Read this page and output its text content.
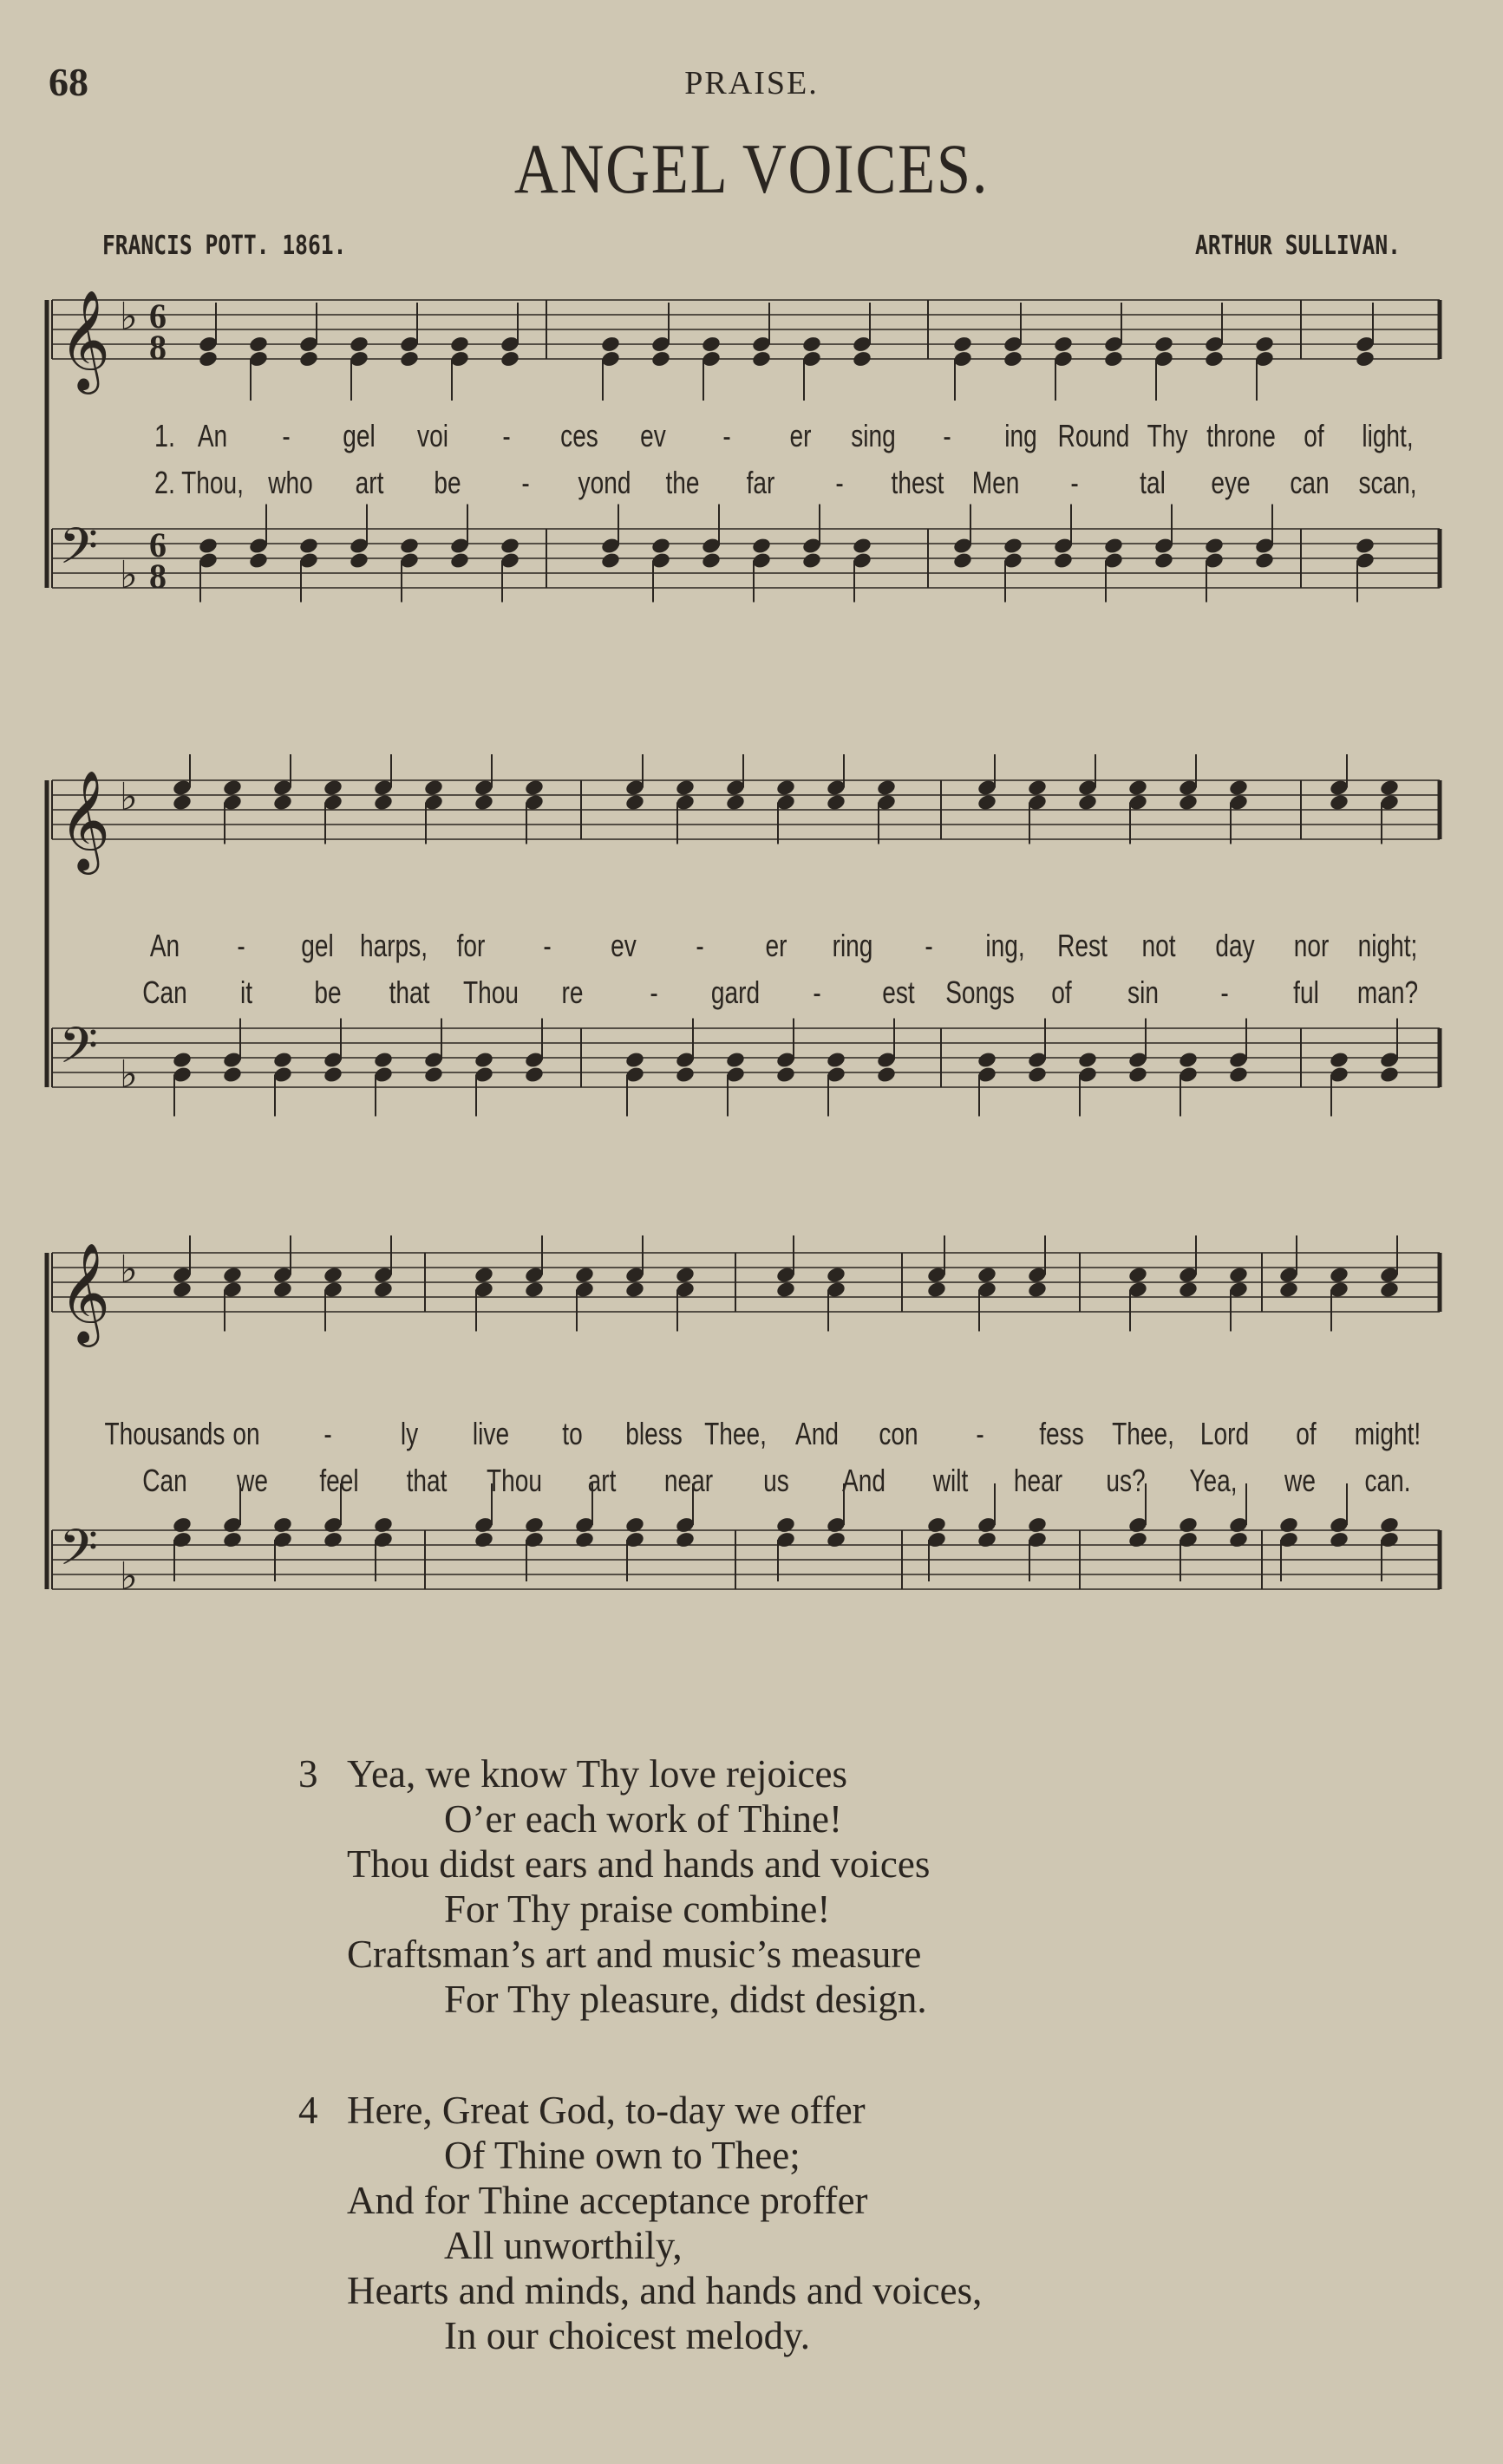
68	PRAISE.
ANGEL VOICES.
FRANCIS POTT. 1861.	ARTHUR SULLIVAN.
𝄞 ♭ 6
8
𝄢 ♭
6
8
1. An - gel voi - ces ev - er sing - ing Round Thy throne of light,
2. Thou, who art be - yond the far - thest Men - tal eye can scan,
𝄞 ♭
𝄢 ♭
An - gel harps, for - ev - er ring - ing, Rest not day nor night;
Can it be that Thou re - gard - est Songs of sin - ful man?
𝄞 ♭
𝄢 ♭
Thousands on - ly live to bless Thee, And con - fess Thee, Lord of might!
Can we feel that Thou art near us And wilt hear us? Yea, we can.
3 Yea, we know Thy love rejoices
O’er each work of Thine!
Thou didst ears and hands and voices
For Thy praise combine!
Craftsman’s art and music’s measure
For Thy pleasure, didst design.
4 Here, Great God, to-day we offer
Of Thine own to Thee;
And for Thine acceptance proffer
All unworthily,
Hearts and minds, and hands and voices,
In our choicest melody.
